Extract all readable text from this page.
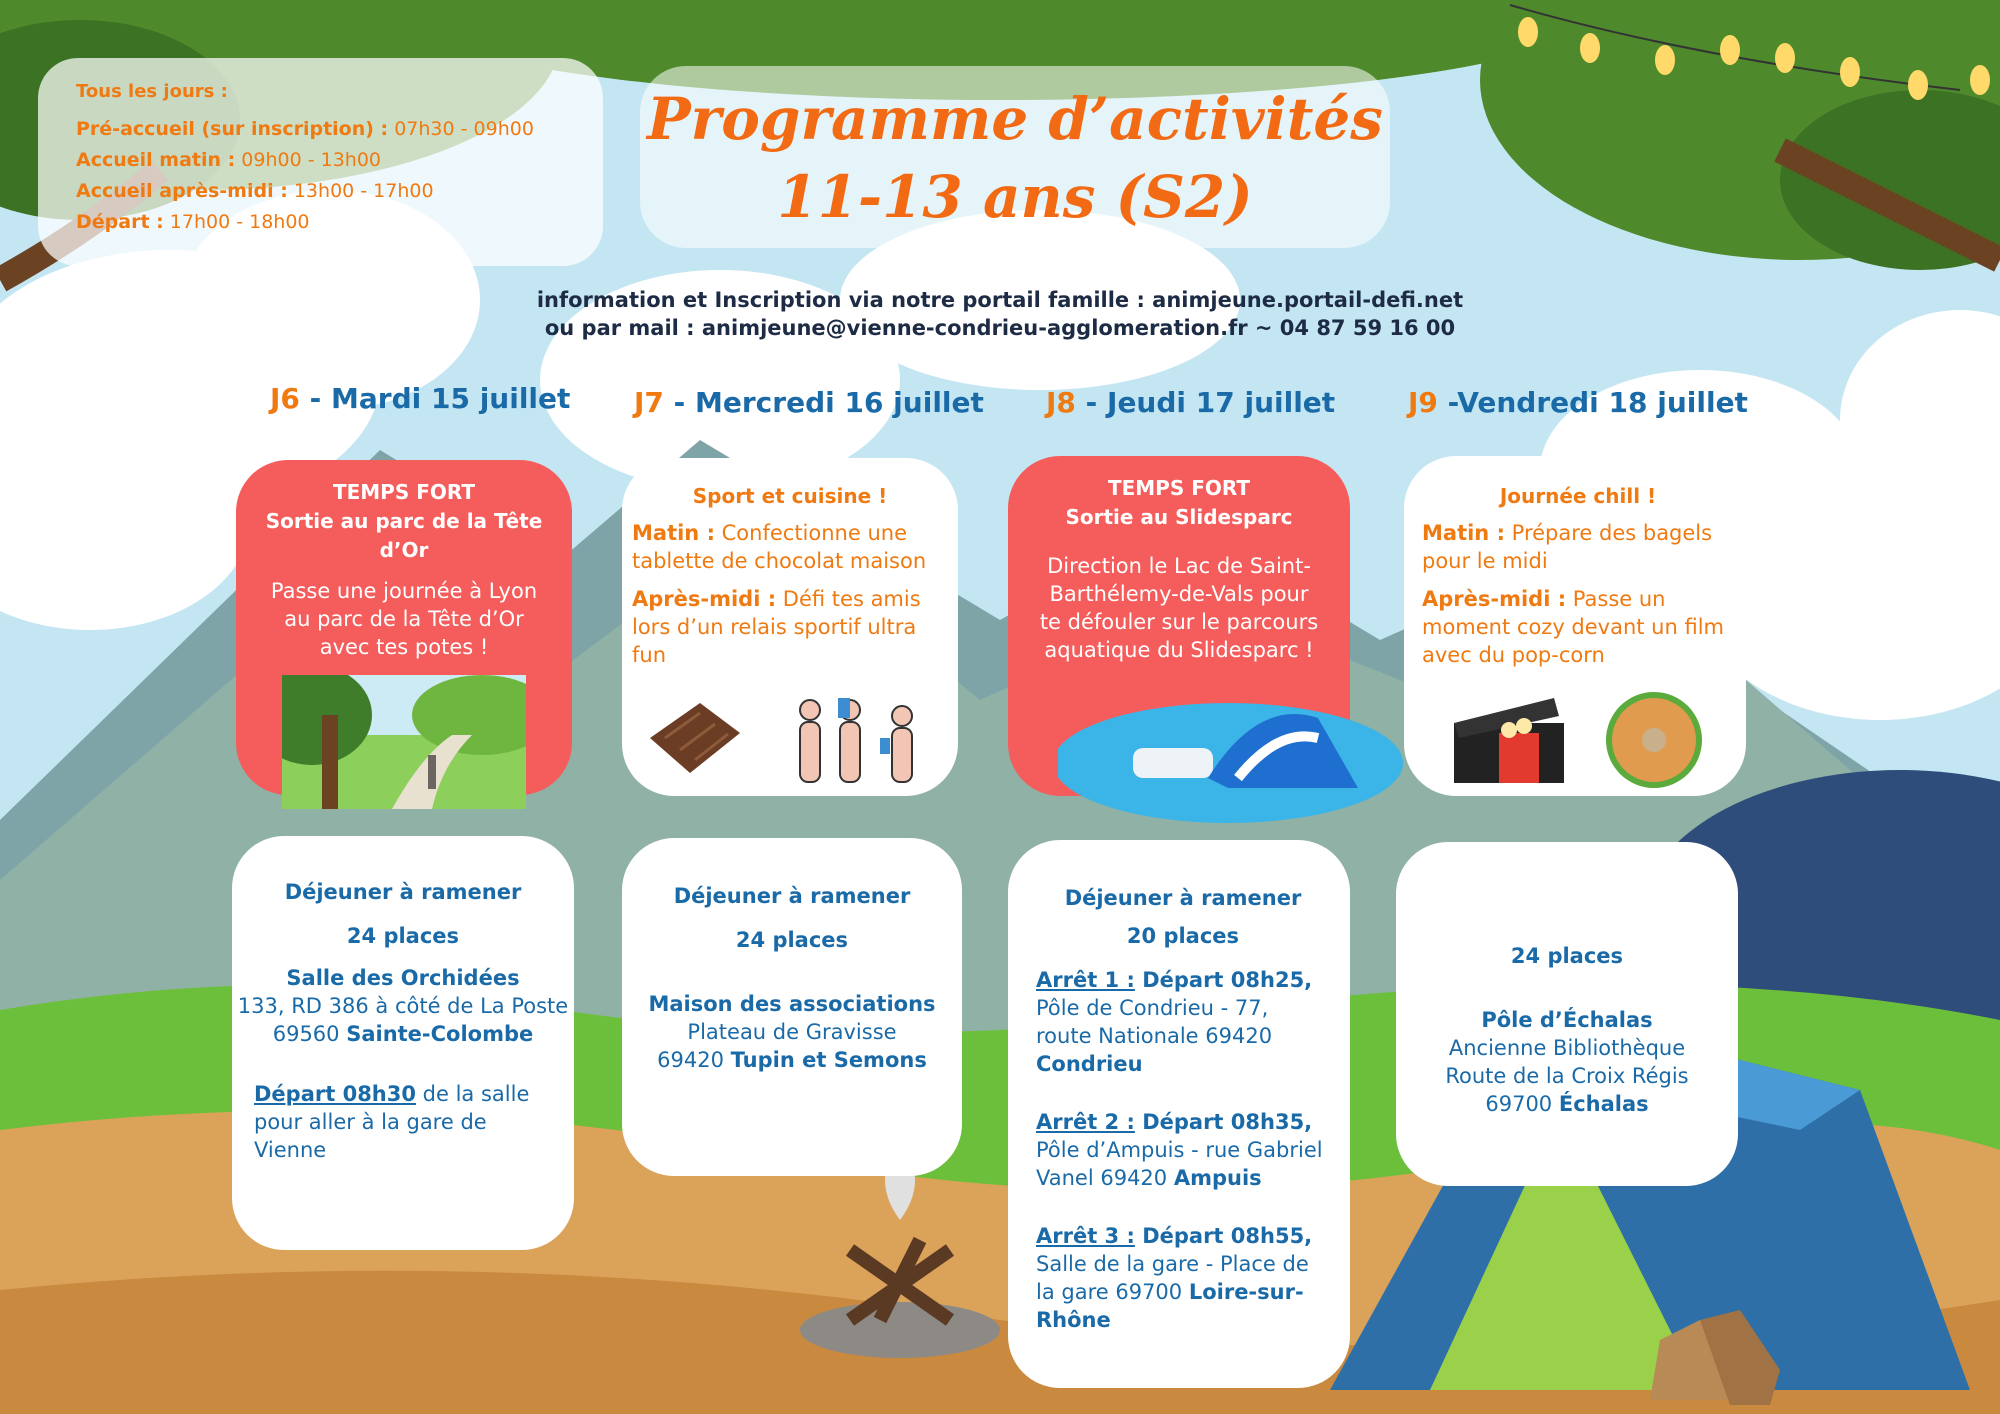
Tous les jours :
Pré-accueil (sur inscription) : 07h30 - 09h00
Accueil matin : 09h00 - 13h00
Accueil après-midi : 13h00 - 17h00
Départ : 17h00 - 18h00
Programme d’activités
11-13 ans (S2)
information et Inscription via notre portail famille : animjeune.portail-defi.net
ou par mail : animjeune@vienne-condrieu-agglomeration.fr ~ 04 87 59 16 00
J6 - Mardi 15 juillet J7 - Mercredi 16 juillet J8 - Jeudi 17 juillet	J9 -Vendredi 18 juillet

TEMPS FORT

Sortie au parc de la Tête d’Or

Passe une journée à Lyon au parc de la Tête d’Or avec tes potes !

Sport et cuisine !

Matin : Confectionne une tablette de chocolat maison

Après-midi : Défi tes amis lors d’un relais sportif ultra fun

TEMPS FORT

Sortie au Slidesparc

Direction le Lac de Saint-Barthélemy-de-Vals pour te défouler sur le parcours aquatique du Slidesparc !

Journée chill !

Matin : Prépare des bagels pour le midi

Après-midi : Passe un moment cozy devant un film avec du pop-corn

Déjeuner à ramener

24 places

Salle des Orchidées

133, RD 386 à côté de La Poste

69560 Sainte-Colombe

Départ 08h30 de la salle pour aller à la gare de Vienne

Déjeuner à ramener

24 places

Maison des associations

Plateau de Gravisse

69420 Tupin et Semons

Déjeuner à ramener

20 places

Arrêt 1 : Départ 08h25, Pôle de Condrieu - 77, route Nationale 69420 Condrieu

Arrêt 2 : Départ 08h35, Pôle d’Ampuis - rue Gabriel Vanel 69420 Ampuis

Arrêt 3 : Départ 08h55, Salle de la gare - Place de la gare 69700 Loire-sur-Rhône

24 places

Pôle d’Échalas

Ancienne Bibliothèque

Route de la Croix Régis

69700 Échalas
